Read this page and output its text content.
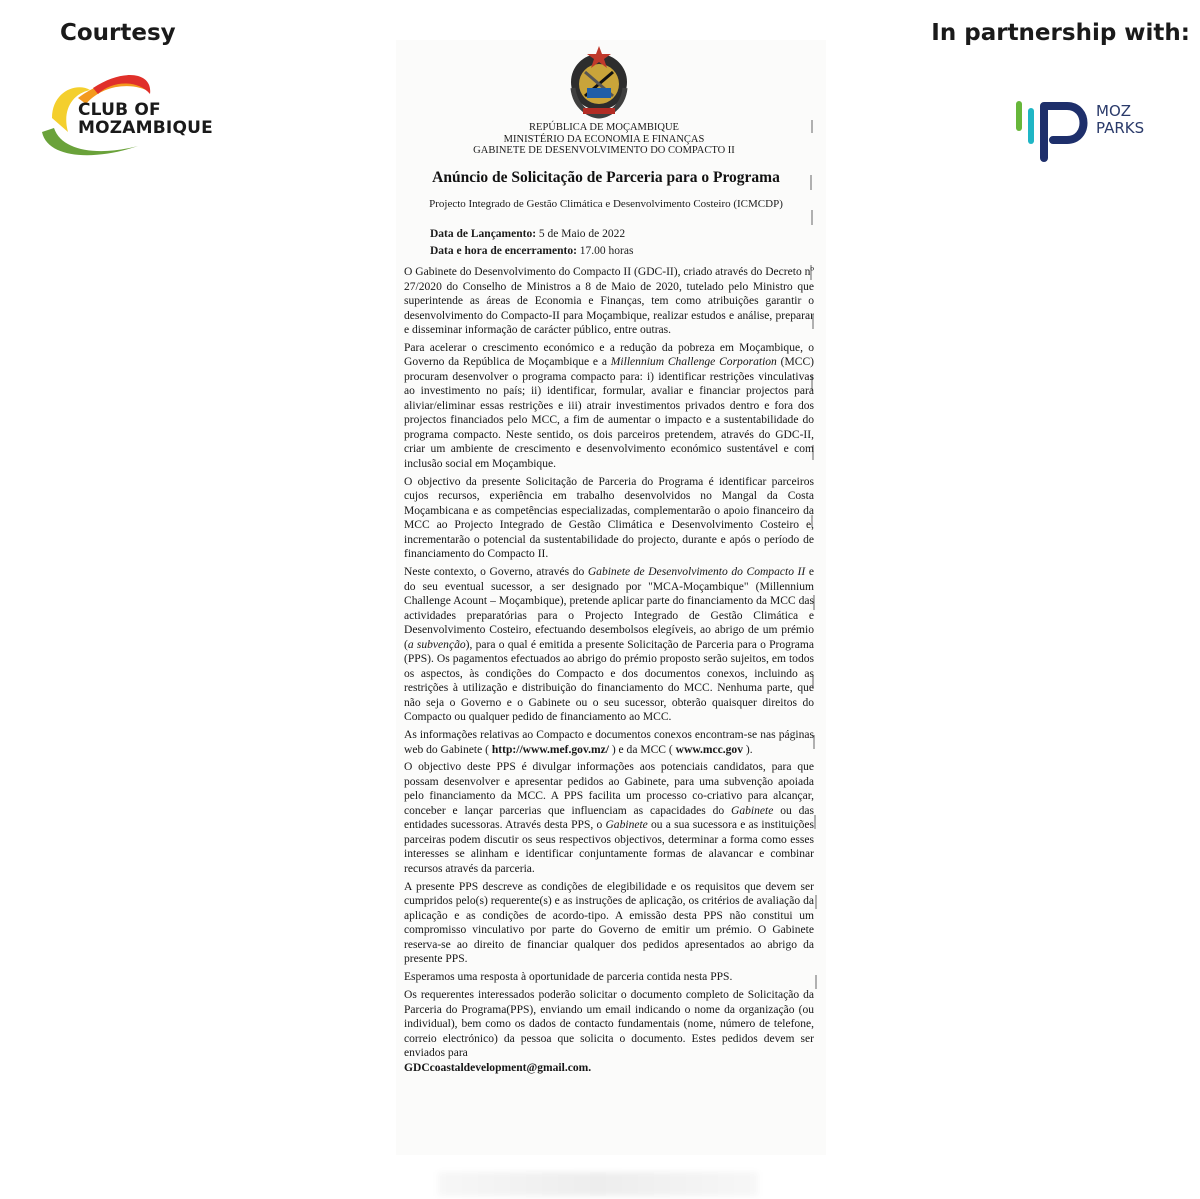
Courtesy	In partnership with:
CLUB OF
MOZAMBIQUE
MOZ
PARKS
REPÚBLICA DE MOÇAMBIQUE
MINISTÉRIO DA ECONOMIA E FINANÇAS
GABINETE DE DESENVOLVIMENTO DO COMPACTO II
Anúncio de Solicitação de Parceria para o Programa
Projecto Integrado de Gestão Climática e Desenvolvimento Costeiro (ICMCDP)
Data de Lançamento: 5 de Maio de 2022
Data e hora de encerramento: 17.00 horas

O Gabinete do Desenvolvimento do Compacto II (GDC-II), criado através do Decreto nº 27/2020 do Conselho de Ministros a 8 de Maio de 2020, tutelado pelo Ministro que superintende as áreas de Economia e Finanças, tem como atribuições garantir o desenvolvimento do Compacto-II para Moçambique, realizar estudos e análise, preparar e disseminar informação de carácter público, entre outras.

Para acelerar o crescimento económico e a redução da pobreza em Moçambique, o Governo da República de Moçambique e a Millennium Challenge Corporation (MCC) procuram desenvolver o programa compacto para: i) identificar restrições vinculativas ao investimento no país; ii) identificar, formular, avaliar e financiar projectos para aliviar/eliminar essas restrições e iii) atrair investimentos privados dentro e fora dos projectos financiados pelo MCC, a fim de aumentar o impacto e a sustentabilidade do programa compacto. Neste sentido, os dois parceiros pretendem, através do GDC-II, criar um ambiente de crescimento e desenvolvimento económico sustentável e com inclusão social em Moçambique.

O objectivo da presente Solicitação de Parceria do Programa é identificar parceiros cujos recursos, experiência em trabalho desenvolvidos no Mangal da Costa Moçambicana e as competências especializadas, complementarão o apoio financeiro da MCC ao Projecto Integrado de Gestão Climática e Desenvolvimento Costeiro e, incrementarão o potencial da sustentabilidade do projecto, durante e após o período de financiamento do Compacto II.

Neste contexto, o Governo, através do Gabinete de Desenvolvimento do Compacto II e do seu eventual sucessor, a ser designado por "MCA-Moçambique" (Millennium Challenge Acount – Moçambique), pretende aplicar parte do financiamento da MCC das actividades preparatórias para o Projecto Integrado de Gestão Climática e Desenvolvimento Costeiro, efectuando desembolsos elegíveis, ao abrigo de um prémio (a subvenção), para o qual é emitida a presente Solicitação de Parceria para o Programa (PPS). Os pagamentos efectuados ao abrigo do prémio proposto serão sujeitos, em todos os aspectos, às condições do Compacto e dos documentos conexos, incluindo as restrições à utilização e distribuição do financiamento do MCC. Nenhuma parte, que não seja o Governo e o Gabinete ou o seu sucessor, obterão quaisquer direitos do Compacto ou qualquer pedido de financiamento ao MCC.

As informações relativas ao Compacto e documentos conexos encontram-se nas páginas web do Gabinete ( http://www.mef.gov.mz/ ) e da MCC ( www.mcc.gov ).

O objectivo deste PPS é divulgar informações aos potenciais candidatos, para que possam desenvolver e apresentar pedidos ao Gabinete, para uma subvenção apoiada pelo financiamento da MCC. A PPS facilita um processo co-criativo para alcançar, conceber e lançar parcerias que influenciam as capacidades do Gabinete ou das entidades sucessoras. Através desta PPS, o Gabinete ou a sua sucessora e as instituições parceiras podem discutir os seus respectivos objectivos, determinar a forma como esses interesses se alinham e identificar conjuntamente formas de alavancar e combinar recursos através da parceria.

A presente PPS descreve as condições de elegibilidade e os requisitos que devem ser cumpridos pelo(s) requerente(s) e as instruções de aplicação, os critérios de avaliação da aplicação e as condições de acordo-tipo. A emissão desta PPS não constitui um compromisso vinculativo por parte do Governo de emitir um prémio. O Gabinete reserva-se ao direito de financiar qualquer dos pedidos apresentados ao abrigo da presente PPS.

Esperamos uma resposta à oportunidade de parceria contida nesta PPS.

Os requerentes interessados poderão solicitar o documento completo de Solicitação da Parceria do Programa(PPS), enviando um email indicando o nome da organização (ou individual), bem como os dados de contacto fundamentais (nome, número de telefone, correio electrónico) da pessoa que solicita o documento. Estes pedidos devem ser enviados para
GDCcoastaldevelopment@gmail.com.
